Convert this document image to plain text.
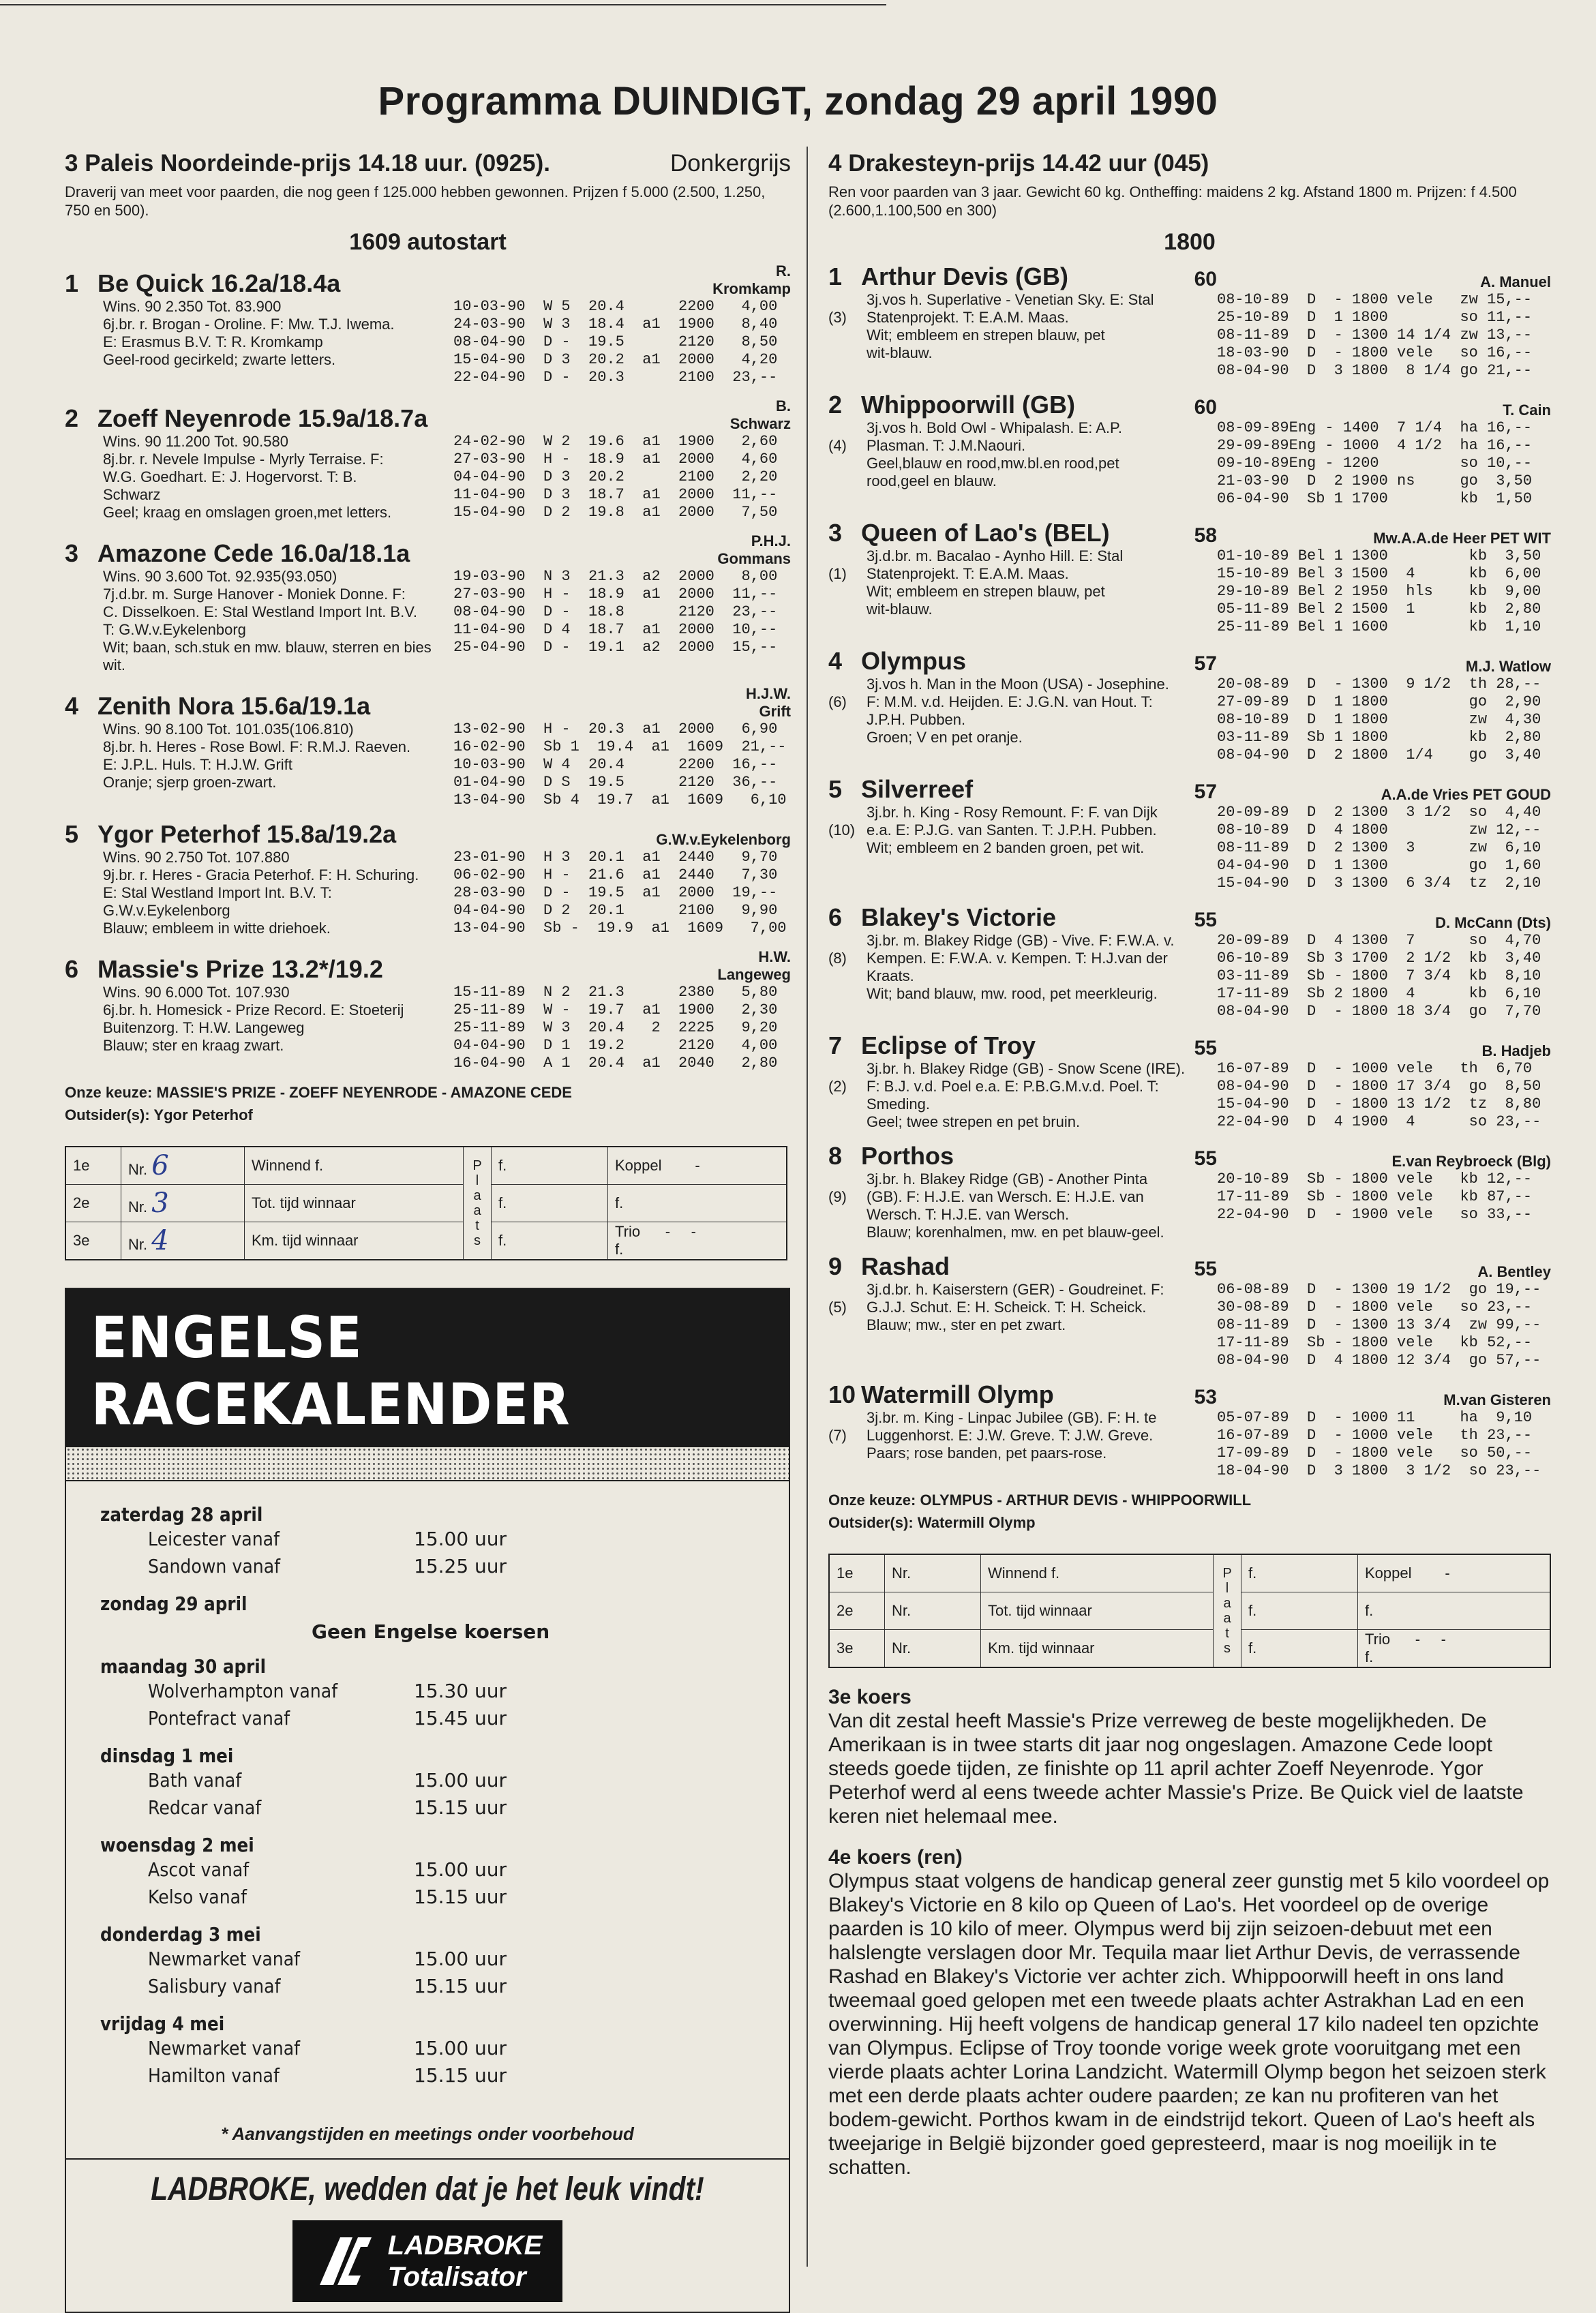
Programma DUINDIGT, zondag 29 april 1990
3 Paleis Noordeinde-prijs 14.18 uur. (0925).	Donkergrijs
Draverij van meet voor paarden, die nog geen f 125.000 hebben gewonnen. Prijzen f 5.000 (2.500, 1.250, 750 en 500).
1609 autostart
1 Be Quick 16.2a/18.4a	R. Kromkamp
Wins. 90 2.350 Tot. 83.900
6j.br. r. Brogan - Oroline. F: Mw. T.J. Iwema.
E: Erasmus B.V. T: R. Kromkamp
Geel-rood gecirkeld; zwarte letters.
10-03-90  W 5  20.4      2200   4,00
24-03-90  W 3  18.4  a1  1900   8,40
08-04-90  D -  19.5      2120   8,50
15-04-90  D 3  20.2  a1  2000   4,20
22-04-90  D -  20.3      2100  23,--
2 Zoeff Neyenrode 15.9a/18.7a	B. Schwarz
Wins. 90 11.200 Tot. 90.580
8j.br. r. Nevele Impulse - Myrly Terraise. F:
W.G. Goedhart. E: J. Hogervorst. T: B.
Schwarz
Geel; kraag en omslagen groen,met letters.
24-02-90  W 2  19.6  a1  1900   2,60
27-03-90  H -  18.9  a1  2000   4,60
04-04-90  D 3  20.2      2100   2,20
11-04-90  D 3  18.7  a1  2000  11,--
15-04-90  D 2  19.8  a1  2000   7,50
3 Amazone Cede 16.0a/18.1a	P.H.J. Gommans
Wins. 90 3.600 Tot. 92.935(93.050)
7j.d.br. m. Surge Hanover - Moniek Donne. F:
C. Disselkoen. E: Stal Westland Import Int. B.V.
T: G.W.v.Eykelenborg
Wit; baan, sch.stuk en mw. blauw, sterren en bies wit.
19-03-90  N 3  21.3  a2  2000   8,00
27-03-90  H -  18.9  a1  2000  11,--
08-04-90  D -  18.8      2120  23,--
11-04-90  D 4  18.7  a1  2000  10,--
25-04-90  D -  19.1  a2  2000  15,--
4 Zenith Nora 15.6a/19.1a	H.J.W. Grift
Wins. 90 8.100 Tot. 101.035(106.810)
8j.br. h. Heres - Rose Bowl. F: R.M.J. Raeven.
E: J.P.L. Huls. T: H.J.W. Grift
Oranje; sjerp groen-zwart.
13-02-90  H -  20.3  a1  2000   6,90
16-02-90  Sb 1  19.4  a1  1609  21,--
10-03-90  W 4  20.4      2200  16,--
01-04-90  D S  19.5      2120  36,--
13-04-90  Sb 4  19.7  a1  1609   6,10
5 Ygor Peterhof 15.8a/19.2a	G.W.v.Eykelenborg
Wins. 90 2.750 Tot. 107.880
9j.br. r. Heres - Gracia Peterhof. F: H. Schuring.
E: Stal Westland Import Int. B.V. T:
G.W.v.Eykelenborg
Blauw; embleem in witte driehoek.
23-01-90  H 3  20.1  a1  2440   9,70
06-02-90  H -  21.6  a1  2440   7,30
28-03-90  D -  19.5  a1  2000  19,--
04-04-90  D 2  20.1      2100   9,90
13-04-90  Sb -  19.9  a1  1609   7,00
6 Massie's Prize 13.2*/19.2	H.W. Langeweg
Wins. 90 6.000 Tot. 107.930
6j.br. h. Homesick - Prize Record. E: Stoeterij
Buitenzorg. T: H.W. Langeweg
Blauw; ster en kraag zwart.
15-11-89  N 2  21.3      2380   5,80
25-11-89  W -  19.7  a1  1900   2,30
25-11-89  W 3  20.4   2  2225   9,20
04-04-90  D 1  19.2      2120   4,00
16-04-90  A 1  20.4  a1  2040   2,80
Onze keuze: MASSIE'S PRIZE - ZOEFF NEYENRODE - AMAZONE CEDE
Outsider(s): Ygor Peterhof
1e	Nr. 6	Winnend f.	P l a a t s	f.	Koppel -
2e	Nr. 3	Tot. tijd winnaar		f.	f.
3e	Nr. 4	Km. tijd winnaar		f.	Trio - -
f.
ENGELSE RACEKALENDER
zaterdag 28 april
Leicester vanaf	15.00 uur
Sandown vanaf	15.25 uur
zondag 29 april
Geen Engelse koersen
maandag 30 april
Wolverhampton vanaf	15.30 uur
Pontefract vanaf	15.45 uur
dinsdag 1 mei
Bath vanaf	15.00 uur
Redcar vanaf	15.15 uur
woensdag 2 mei
Ascot vanaf	15.00 uur
Kelso vanaf	15.15 uur
donderdag 3 mei
Newmarket vanaf	15.00 uur
Salisbury vanaf	15.15 uur
vrijdag 4 mei
Newmarket vanaf	15.00 uur
Hamilton vanaf	15.15 uur
* Aanvangstijden en meetings onder voorbehoud
LADBROKE, wedden dat je het leuk vindt!
LADBROKE
Totalisator
4 Drakesteyn-prijs 14.42 uur (045)
Ren voor paarden van 3 jaar. Gewicht 60 kg. Ontheffing: maidens 2 kg. Afstand 1800 m. Prijzen: f 4.500 (2.600,1.100,500 en 300)
1800
1 Arthur Devis (GB)	60	A. Manuel
(3)
3j.vos h. Superlative - Venetian Sky. E: Stal
Statenprojekt. T: E.A.M. Maas.
Wit; embleem en strepen blauw, pet
wit-blauw.
08-10-89  D  - 1800 vele   zw 15,--
25-10-89  D  1 1800        so 11,--
08-11-89  D  - 1300 14 1/4 zw 13,--
18-03-90  D  - 1800 vele   so 16,--
08-04-90  D  3 1800  8 1/4 go 21,--
2 Whippoorwill (GB)	60	T. Cain
(4)
3j.vos h. Bold Owl - Whipalash. E: A.P.
Plasman. T: J.M.Naouri.
Geel,blauw en rood,mw.bl.en rood,pet
rood,geel en blauw.
08-09-89Eng - 1400  7 1/4  ha 16,--
29-09-89Eng - 1000  4 1/2  ha 16,--
09-10-89Eng - 1200         so 10,--
21-03-90  D  2 1900 ns     go  3,50
06-04-90  Sb 1 1700        kb  1,50
3 Queen of Lao's (BEL)	58	Mw.A.A.de Heer PET WIT
(1)
3j.d.br. m. Bacalao - Aynho Hill. E: Stal
Statenprojekt. T: E.A.M. Maas.
Wit; embleem en strepen blauw, pet
wit-blauw.
01-10-89 Bel 1 1300         kb  3,50
15-10-89 Bel 3 1500  4      kb  6,00
29-10-89 Bel 2 1950  hls    kb  9,00
05-11-89 Bel 2 1500  1      kb  2,80
25-11-89 Bel 1 1600         kb  1,10
4 Olympus	57	M.J. Watlow
(6)
3j.vos h. Man in the Moon (USA) - Josephine.
F: M.M. v.d. Heijden. E: J.G.N. van Hout. T:
J.P.H. Pubben.
Groen; V en pet oranje.
20-08-89  D  - 1300  9 1/2  th 28,--
27-09-89  D  1 1800         go  2,90
08-10-89  D  1 1800         zw  4,30
03-11-89  Sb 1 1800         kb  2,80
08-04-90  D  2 1800  1/4    go  3,40
5 Silverreef	57	A.A.de Vries PET GOUD
(10)
3j.br. h. King - Rosy Remount. F: F. van Dijk
e.a. E: P.J.G. van Santen. T: J.P.H. Pubben.
Wit; embleem en 2 banden groen, pet wit.
20-09-89  D  2 1300  3 1/2  so  4,40
08-10-89  D  4 1800         zw 12,--
08-11-89  D  2 1300  3      zw  6,10
04-04-90  D  1 1300         go  1,60
15-04-90  D  3 1300  6 3/4  tz  2,10
6 Blakey's Victorie	55	D. McCann (Dts)
(8)
3j.br. m. Blakey Ridge (GB) - Vive. F: F.W.A. v.
Kempen. E: F.W.A. v. Kempen. T: H.J.van der
Kraats.
Wit; band blauw, mw. rood, pet meerkleurig.
20-09-89  D  4 1300  7      so  4,70
06-10-89  Sb 3 1700  2 1/2  kb  3,40
03-11-89  Sb - 1800  7 3/4  kb  8,10
17-11-89  Sb 2 1800  4      kb  6,10
08-04-90  D  - 1800 18 3/4  go  7,70
7 Eclipse of Troy	55	B. Hadjeb
(2)
3j.br. h. Blakey Ridge (GB) - Snow Scene (IRE).
F: B.J. v.d. Poel e.a. E: P.B.G.M.v.d. Poel. T:
Smeding.
Geel; twee strepen en pet bruin.
16-07-89  D  - 1000 vele   th  6,70
08-04-90  D  - 1800 17 3/4  go  8,50
15-04-90  D  - 1800 13 1/2  tz  8,80
22-04-90  D  4 1900  4      so 23,--
8 Porthos	55	E.van Reybroeck (Blg)
(9)
3j.br. h. Blakey Ridge (GB) - Another Pinta
(GB). F: H.J.E. van Wersch. E: H.J.E. van
Wersch. T: H.J.E. van Wersch.
Blauw; korenhalmen, mw. en pet blauw-geel.
20-10-89  Sb - 1800 vele   kb 12,--
17-11-89  Sb - 1800 vele   kb 87,--
22-04-90  D  - 1900 vele   so 33,--
9 Rashad	55	A. Bentley
(5)
3j.d.br. h. Kaiserstern (GER) - Goudreinet. F:
G.J.J. Schut. E: H. Scheick. T: H. Scheick.
Blauw; mw., ster en pet zwart.
06-08-89  D  - 1300 19 1/2  go 19,--
30-08-89  D  - 1800 vele   so 23,--
08-11-89  D  - 1300 13 3/4  zw 99,--
17-11-89  Sb - 1800 vele   kb 52,--
08-04-90  D  4 1800 12 3/4  go 57,--
10 Watermill Olymp	53	M.van Gisteren
(7)
3j.br. m. King - Linpac Jubilee (GB). F: H. te
Luggenhorst. E: J.W. Greve. T: J.W. Greve.
Paars; rose banden, pet paars-rose.
05-07-89  D  - 1000 11     ha  9,10
16-07-89  D  - 1000 vele   th 23,--
17-09-89  D  - 1800 vele   so 50,--
18-04-90  D  3 1800  3 1/2  so 23,--
Onze keuze: OLYMPUS - ARTHUR DEVIS - WHIPPOORWILL
Outsider(s): Watermill Olymp
1e	Nr.	Winnend f.	P l a a t s	f.	Koppel -
2e	Nr.	Tot. tijd winnaar		f.	f.
3e	Nr.	Km. tijd winnaar		f.	Trio - -
f.
3e koers
Van dit zestal heeft Massie's Prize verreweg de beste mogelijkheden. De Amerikaan is in twee starts dit jaar nog ongeslagen. Amazone Cede loopt steeds goede tijden, ze finishte op 11 april achter Zoeff Neyenrode. Ygor Peterhof werd al eens tweede achter Massie's Prize. Be Quick viel de laatste keren niet helemaal mee.
4e koers (ren)
Olympus staat volgens de handicap general zeer gunstig met 5 kilo voordeel op Blakey's Victorie en 8 kilo op Queen of Lao's. Het voordeel op de overige paarden is 10 kilo of meer. Olympus werd bij zijn seizoen-debuut met een halslengte verslagen door Mr. Tequila maar liet Arthur Devis, de verrassende Rashad en Blakey's Victorie ver achter zich. Whippoorwill heeft in ons land tweemaal goed gelopen met een tweede plaats achter Astrakhan Lad en een overwinning. Hij heeft volgens de handicap general 17 kilo nadeel ten opzichte van Olympus. Eclipse of Troy toonde vorige week grote vooruitgang met een vierde plaats achter Lorina Landzicht. Watermill Olymp begon het seizoen sterk met een derde plaats achter oudere paarden; ze kan nu profiteren van het bodem-gewicht. Porthos kwam in de eindstrijd tekort. Queen of Lao's heeft als tweejarige in België bijzonder goed gepresteerd, maar is nog moeilijk in te schatten.
